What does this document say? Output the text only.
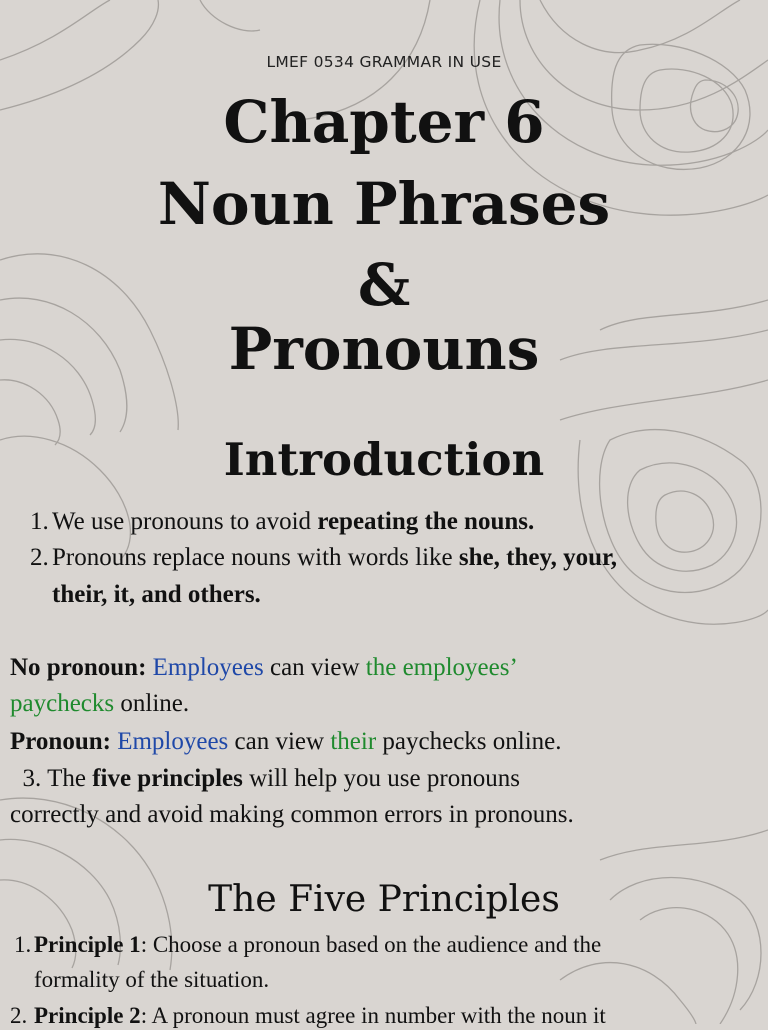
LMEF 0534 GRAMMAR IN USE
Chapter 6
Noun Phrases
&
Pronouns
Introduction
1. We use pronouns to avoid repeating the nouns.
2. Pronouns replace nouns with words like she, they, your,
their, it, and others.
No pronoun: Employees can view the employees’
paychecks online.
Pronoun: Employees can view their paychecks online.
3. The five principles will help you use pronouns
correctly and avoid making common errors in pronouns.
The Five Principles
1. Principle 1: Choose a pronoun based on the audience and the
formality of the situation.
2. Principle 2: A pronoun must agree in number with the noun it
